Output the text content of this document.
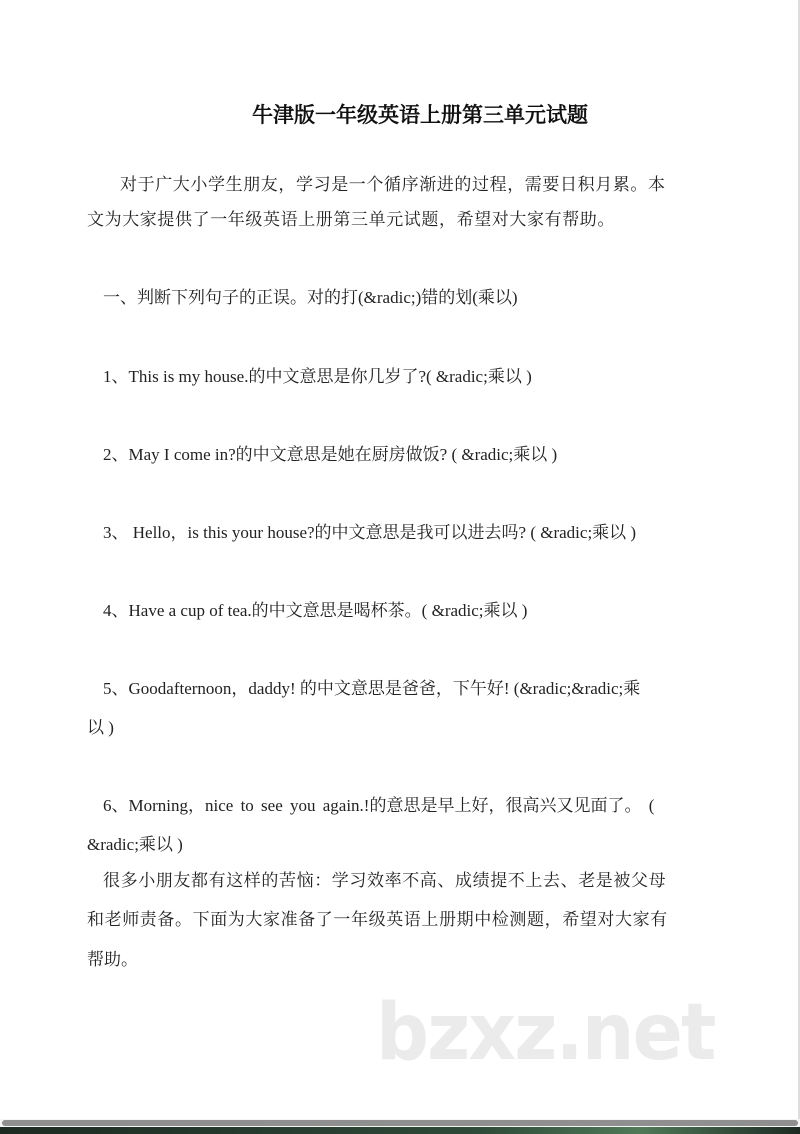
牛津版一年级英语上册第三单元试题
对于广大小学生朋友，学习是一个循序渐进的过程，需要日积月累。本
文为大家提供了一年级英语上册第三单元试题，希望对大家有帮助。
一、判断下列句子的正误。对的打(&radic;)错的划(乘以)
1、This is my house.的中文意思是你几岁了?( &radic;乘以 )
2、May I come in?的中文意思是她在厨房做饭? ( &radic;乘以 )
3、 Hello，is this your house?的中文意思是我可以进去吗? ( &radic;乘以 )
4、Have a cup of tea.的中文意思是喝杯茶。( &radic;乘以 )
5、Goodafternoon，daddy! 的中文意思是爸爸，下午好! (&radic;&radic;乘
以 )
6、Morning，nice to see you again.!的意思是早上好，很高兴又见面了。 (
&radic;乘以 )
很多小朋友都有这样的苦恼：学习效率不高、成绩提不上去、老是被父母
和老师责备。下面为大家准备了一年级英语上册期中检测题，希望对大家有
帮助。
bzxz.net
